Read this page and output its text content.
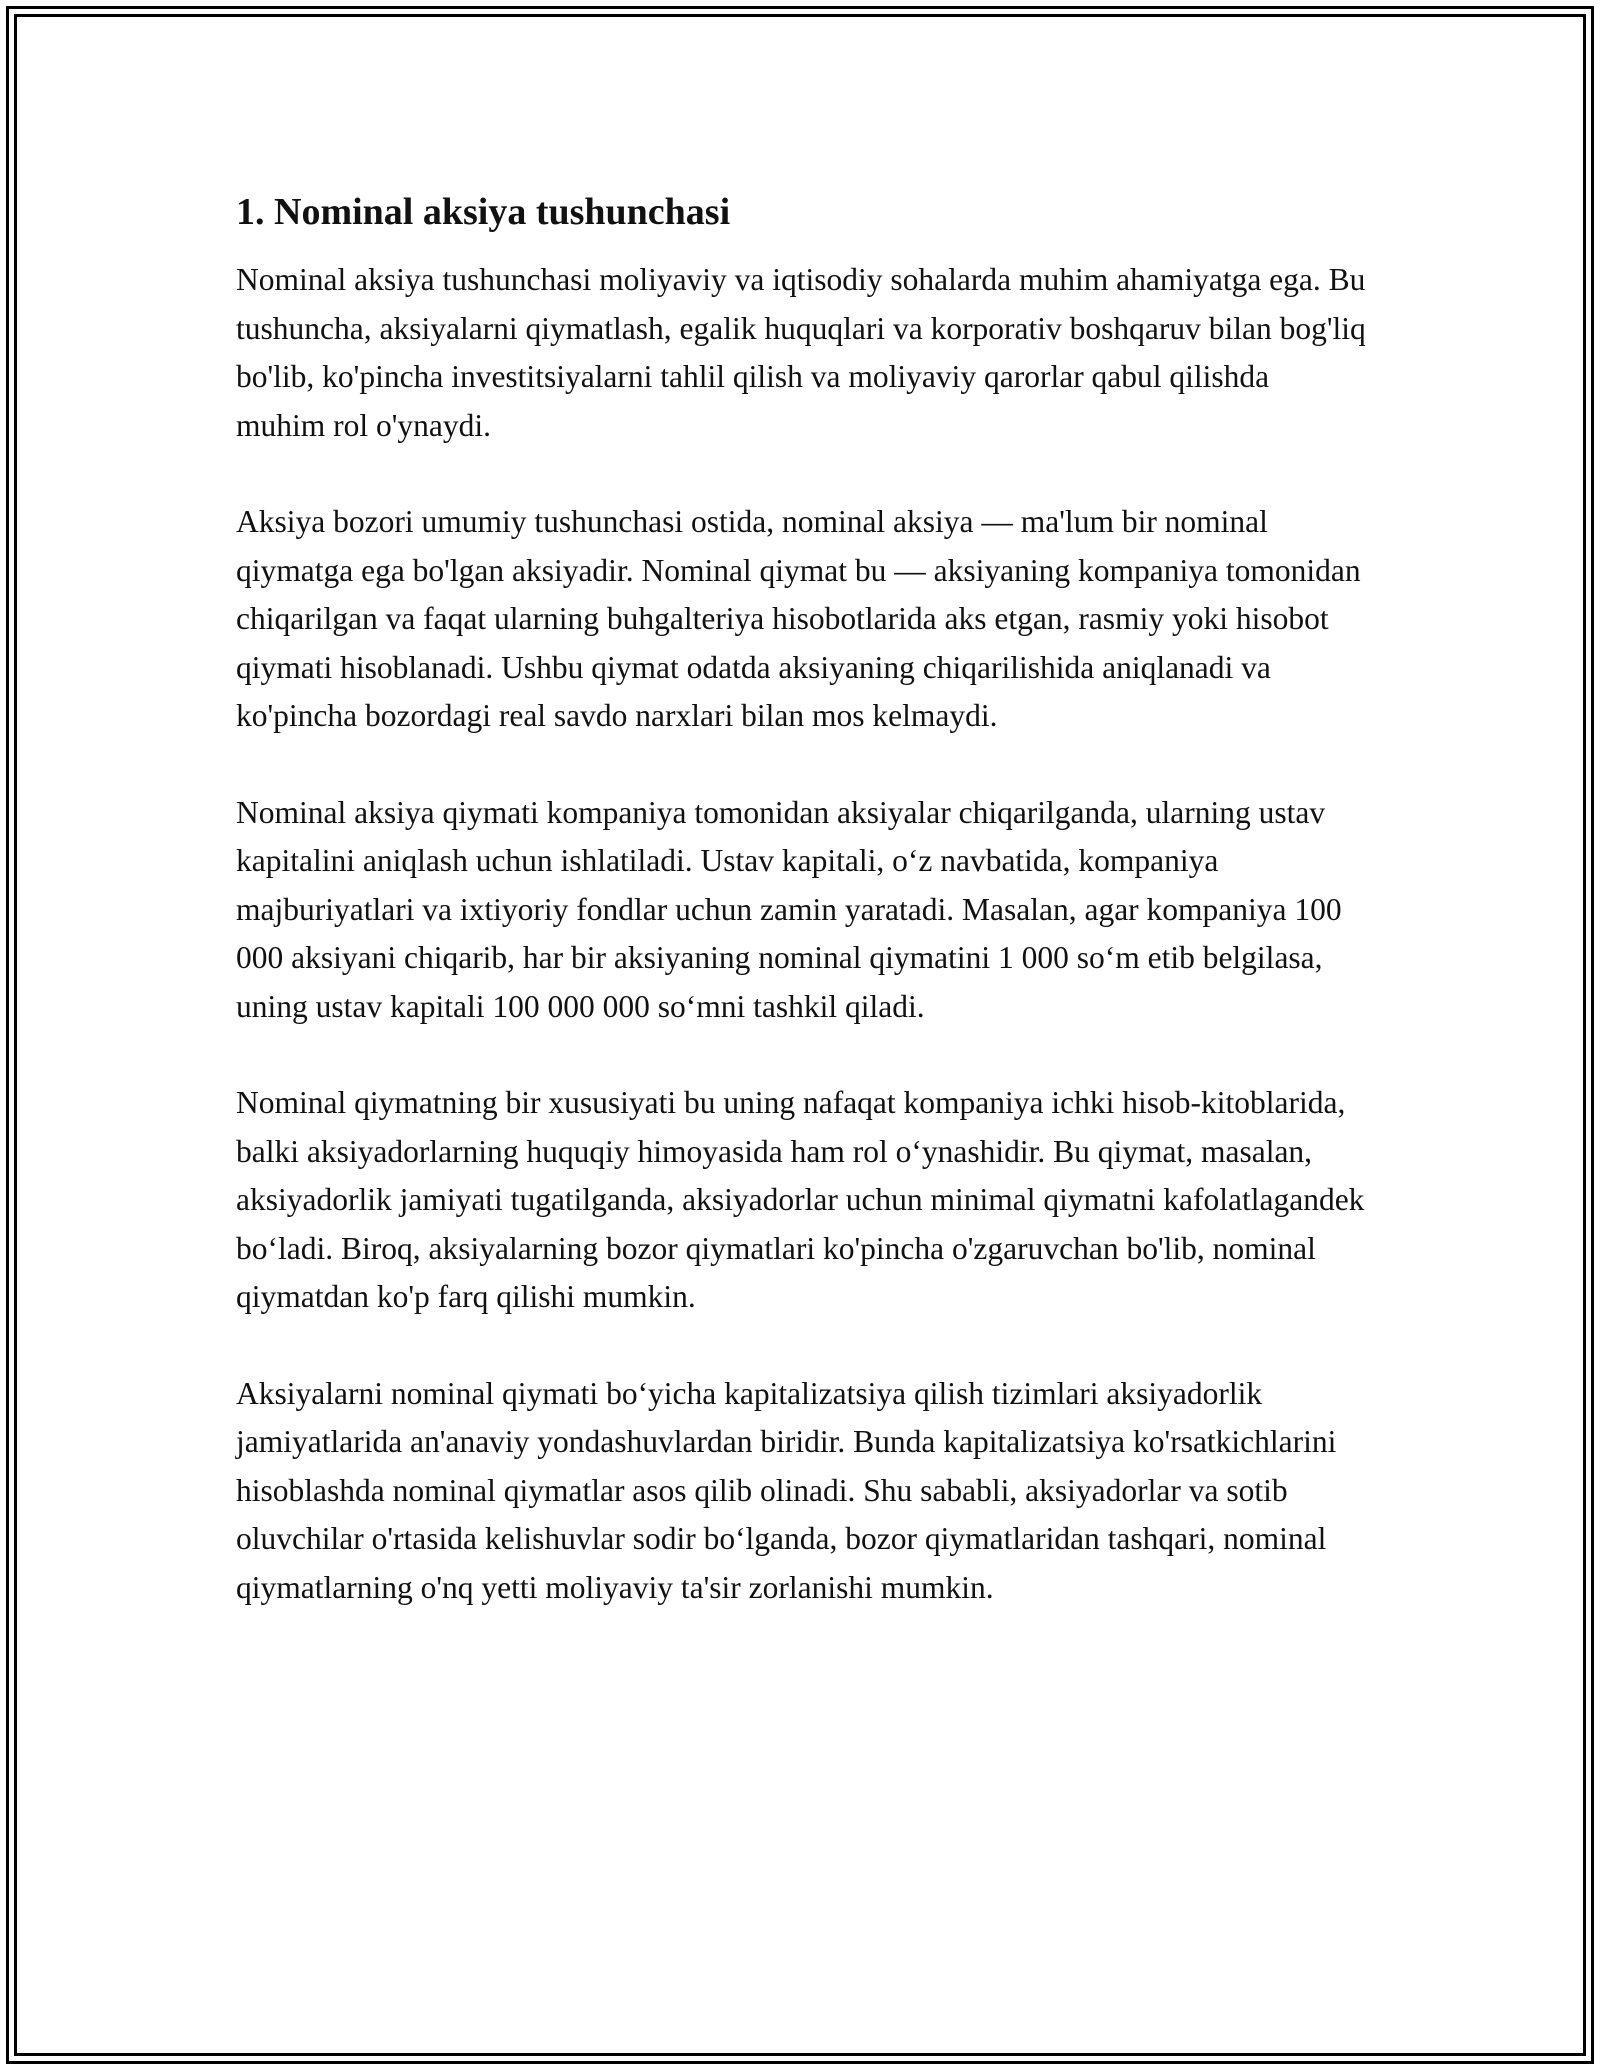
1. Nominal aksiya tushunchasi

Nominal aksiya tushunchasi moliyaviy va iqtisodiy sohalarda muhim ahamiyatga ega. Bu tushuncha, aksiyalarni qiymatlash, egalik huquqlari va korporativ boshqaruv bilan bog'liq bo'lib, ko'pincha investitsiyalarni tahlil qilish va moliyaviy qarorlar qabul qilishda muhim rol o'ynaydi.

Aksiya bozori umumiy tushunchasi ostida, nominal aksiya — ma'lum bir nominal qiymatga ega bo'lgan aksiyadir. Nominal qiymat bu — aksiyaning kompaniya tomonidan chiqarilgan va faqat ularning buhgalteriya hisobotlarida aks etgan, rasmiy yoki hisobot qiymati hisoblanadi. Ushbu qiymat odatda aksiyaning chiqarilishida aniqlanadi va ko'pincha bozordagi real savdo narxlari bilan mos kelmaydi.

Nominal aksiya qiymati kompaniya tomonidan aksiyalar chiqarilganda, ularning ustav kapitalini aniqlash uchun ishlatiladi. Ustav kapitali, o‘z navbatida, kompaniya majburiyatlari va ixtiyoriy fondlar uchun zamin yaratadi. Masalan, agar kompaniya 100 000 aksiyani chiqarib, har bir aksiyaning nominal qiymatini 1 000 so‘m etib belgilasa, uning ustav kapitali 100 000 000 so‘mni tashkil qiladi.

Nominal qiymatning bir xususiyati bu uning nafaqat kompaniya ichki hisob-kitoblarida, balki aksiyadorlarning huquqiy himoyasida ham rol o‘ynashidir. Bu qiymat, masalan, aksiyadorlik jamiyati tugatilganda, aksiyadorlar uchun minimal qiymatni kafolatlagandek bo‘ladi. Biroq, aksiyalarning bozor qiymatlari ko'pincha o'zgaruvchan bo'lib, nominal qiymatdan ko'p farq qilishi mumkin.

Aksiyalarni nominal qiymati bo‘yicha kapitalizatsiya qilish tizimlari aksiyadorlik jamiyatlarida an'anaviy yondashuvlardan biridir. Bunda kapitalizatsiya ko'rsatkichlarini hisoblashda nominal qiymatlar asos qilib olinadi. Shu sababli, aksiyadorlar va sotib oluvchilar o'rtasida kelishuvlar sodir bo‘lganda, bozor qiymatlaridan tashqari, nominal qiymatlarning o'nq yetti moliyaviy ta'sir zorlanishi mumkin.
